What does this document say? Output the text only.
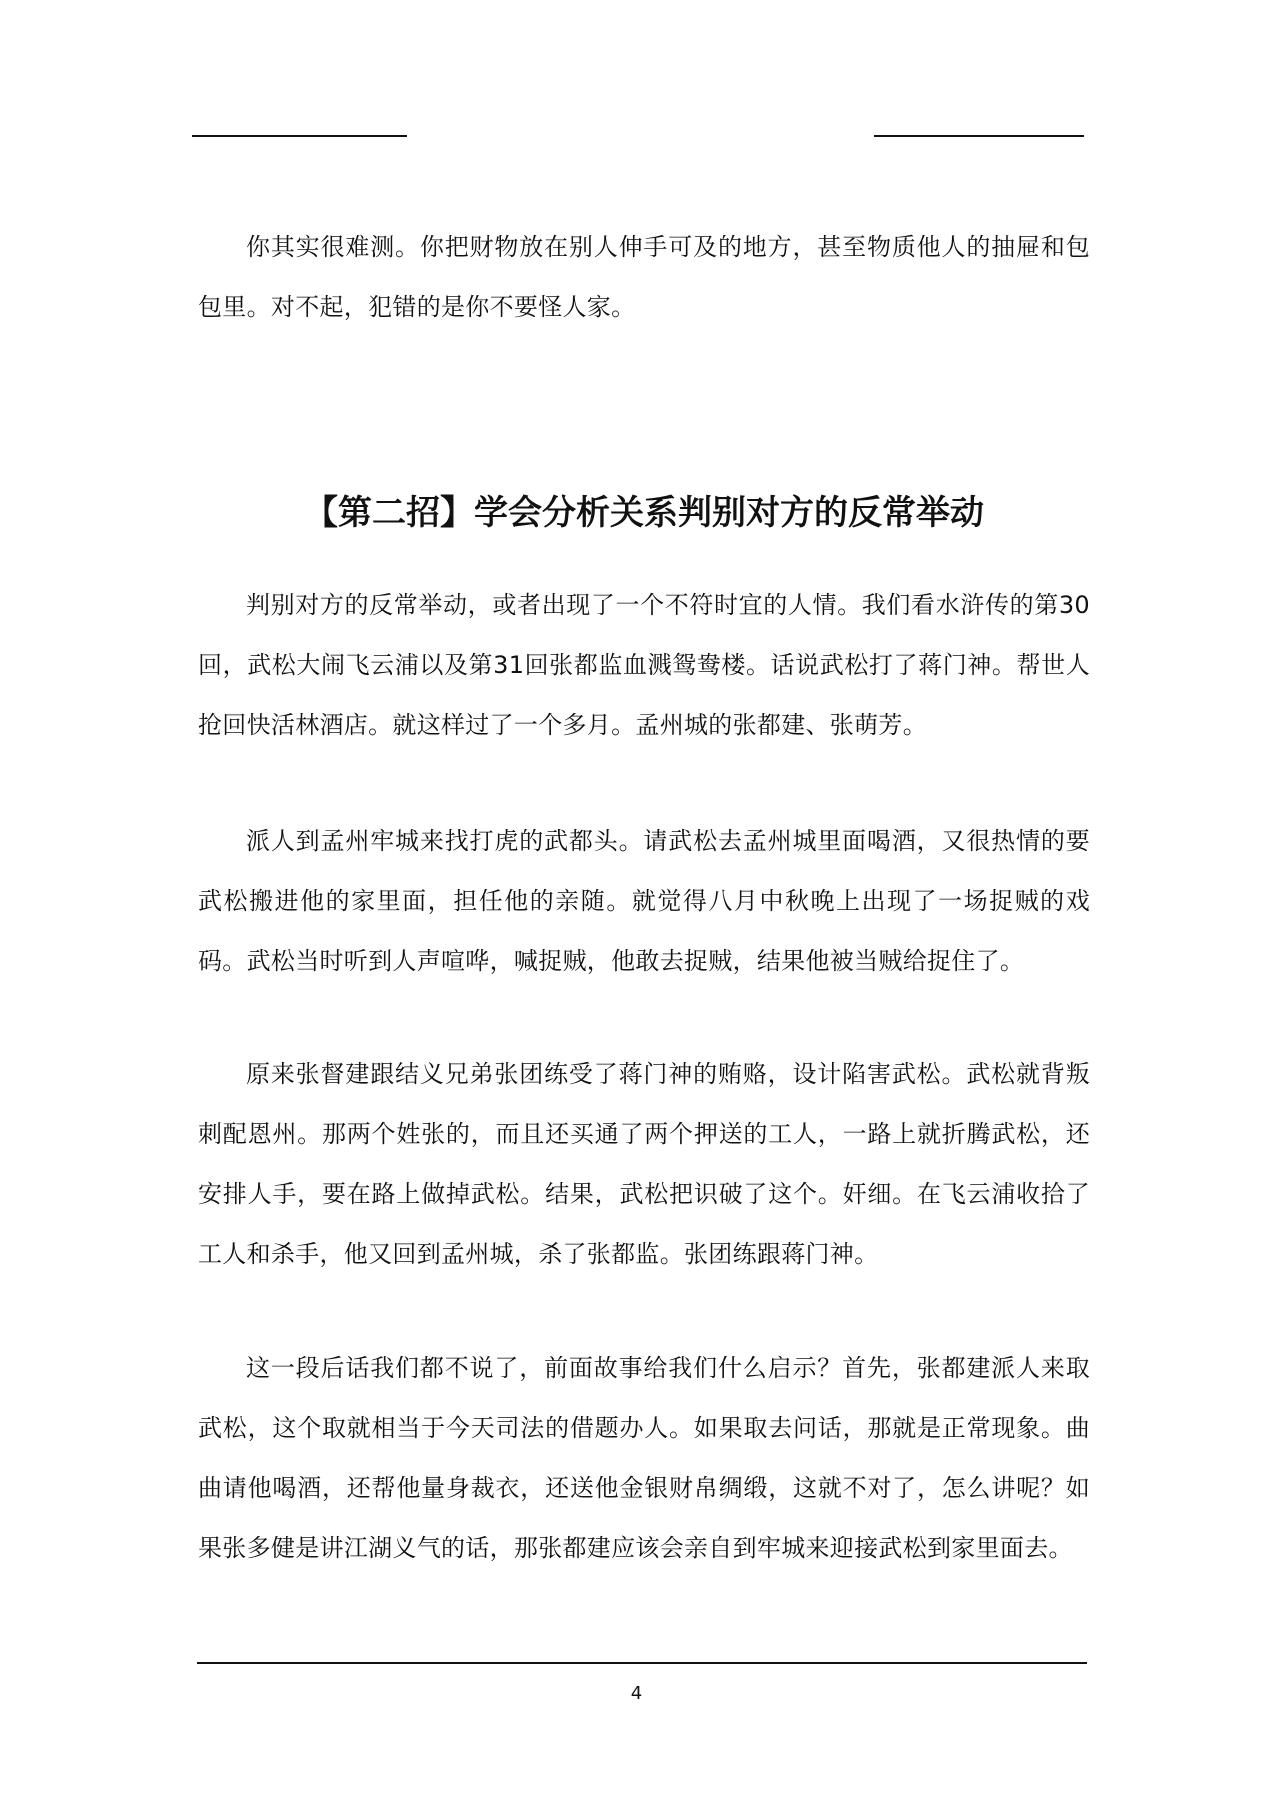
你其实很难测。你把财物放在别人伸手可及的地方，甚至物质他人的抽屉和包包里。对不起，犯错的是你不要怪人家。

【第二招】学会分析关系判别对方的反常举动

判别对方的反常举动，或者出现了一个不符时宜的人情。我们看水浒传的第30回，武松大闹飞云浦以及第31回张都监血溅鸳鸯楼。话说武松打了蒋门神。帮世人抢回快活林酒店。就这样过了一个多月。孟州城的张都建、张萌芳。

派人到孟州牢城来找打虎的武都头。请武松去孟州城里面喝酒，又很热情的要武松搬进他的家里面，担任他的亲随。就觉得八月中秋晚上出现了一场捉贼的戏码。武松当时听到人声喧哗，喊捉贼，他敢去捉贼，结果他被当贼给捉住了。

原来张督建跟结义兄弟张团练受了蒋门神的贿赂，设计陷害武松。武松就背叛刺配恩州。那两个姓张的，而且还买通了两个押送的工人，一路上就折腾武松，还安排人手，要在路上做掉武松。结果，武松把识破了这个。奸细。在飞云浦收拾了工人和杀手，他又回到孟州城，杀了张都监。张团练跟蒋门神。

这一段后话我们都不说了，前面故事给我们什么启示？首先，张都建派人来取武松，这个取就相当于今天司法的借题办人。如果取去问话，那就是正常现象。曲曲请他喝酒，还帮他量身裁衣，还送他金银财帛绸缎，这就不对了，怎么讲呢？如果张多健是讲江湖义气的话，那张都建应该会亲自到牢城来迎接武松到家里面去。

4
